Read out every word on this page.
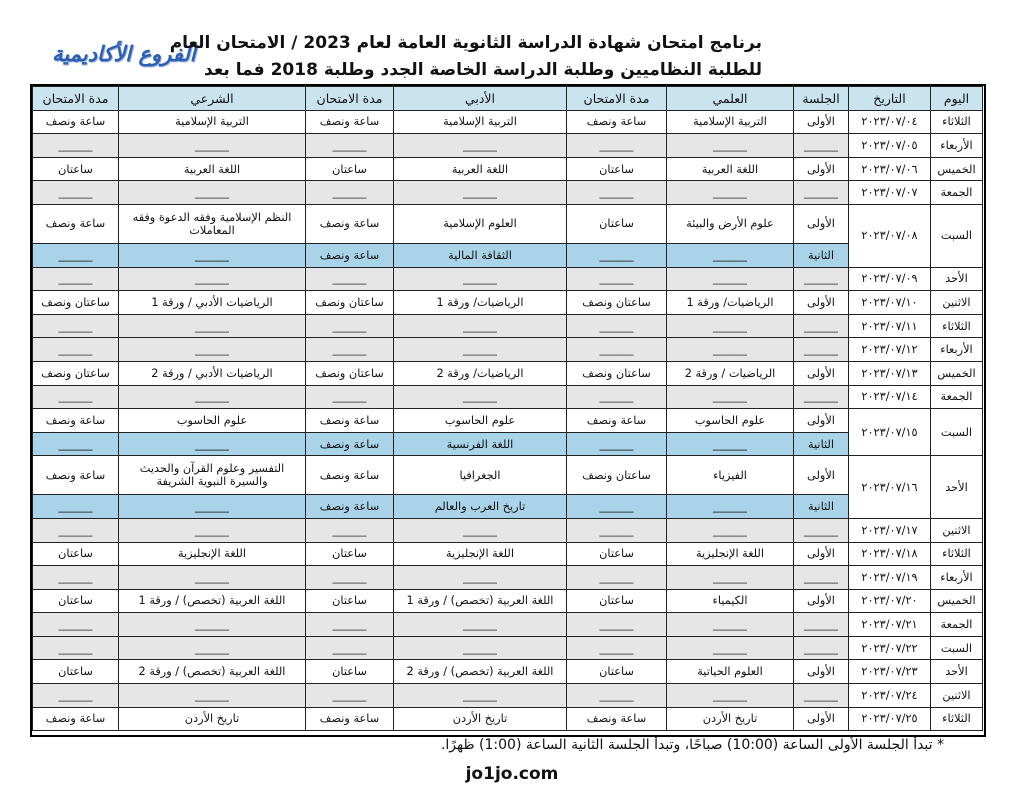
الفروع الأكاديمية
برنامج امتحان شهادة الدراسة الثانوية العامة لعام 2023 / الامتحان العام
للطلبة النظاميين وطلبة الدراسة الخاصة الجدد وطلبة 2018 فما بعد
اليوم	التاريخ	الجلسة	العلمي	مدة الامتحان	الأدبي	مدة الامتحان	الشرعي	مدة الامتحان
الثلاثاء	٢٠٢٣/٠٧/٠٤	الأولى	التربية الإسلامية	ساعة ونصف	التربية الإسلامية	ساعة ونصف	التربية الإسلامية	ساعة ونصف
الأربعاء	٢٠٢٣/٠٧/٠٥	______	______	______	______	______	______	______
الخميس	٢٠٢٣/٠٧/٠٦	الأولى	اللغة العربية	ساعتان	اللغة العربية	ساعتان	اللغة العربية	ساعتان
الجمعة	٢٠٢٣/٠٧/٠٧	______	______	______	______	______	______	______
السبت	٢٠٢٣/٠٧/٠٨	الأولى	علوم الأرض والبيئة	ساعتان	العلوم الإسلامية	ساعة ونصف	النظم الإسلامية وفقه الدعوة وفقه المعاملات	ساعة ونصف
		الثانية	______	______	الثقافة المالية	ساعة ونصف	______	______
الأحد	٢٠٢٣/٠٧/٠٩	______	______	______	______	______	______	______
الاثنين	٢٠٢٣/٠٧/١٠	الأولى	الرياضيات/ ورقة 1	ساعتان ونصف	الرياضيات/ ورقة 1	ساعتان ونصف	الرياضيات الأدبي / ورقة 1	ساعتان ونصف
الثلاثاء	٢٠٢٣/٠٧/١١	______	______	______	______	______	______	______
الأربعاء	٢٠٢٣/٠٧/١٢	______	______	______	______	______	______	______
الخميس	٢٠٢٣/٠٧/١٣	الأولى	الرياضيات / ورقة 2	ساعتان ونصف	الرياضيات/ ورقة 2	ساعتان ونصف	الرياضيات الأدبي / ورقة 2	ساعتان ونصف
الجمعة	٢٠٢٣/٠٧/١٤	______	______	______	______	______	______	______
السبت	٢٠٢٣/٠٧/١٥	الأولى	علوم الحاسوب	ساعة ونصف	علوم الحاسوب	ساعة ونصف	علوم الحاسوب	ساعة ونصف
		الثانية	______	______	اللغة الفرنسية	ساعة ونصف	______	______
الأحد	٢٠٢٣/٠٧/١٦	الأولى	الفيزياء	ساعتان ونصف	الجغرافيا	ساعة ونصف	التفسير وعلوم القرآن والحديث والسيرة النبوية الشريفة	ساعة ونصف
		الثانية	______	______	تاريخ العرب والعالم	ساعة ونصف	______	______
الاثنين	٢٠٢٣/٠٧/١٧	______	______	______	______	______	______	______
الثلاثاء	٢٠٢٣/٠٧/١٨	الأولى	اللغة الإنجليزية	ساعتان	اللغة الإنجليزية	ساعتان	اللغة الإنجليزية	ساعتان
الأربعاء	٢٠٢٣/٠٧/١٩	______	______	______	______	______	______	______
الخميس	٢٠٢٣/٠٧/٢٠	الأولى	الكيمياء	ساعتان	اللغة العربية (تخصص) / ورقة 1	ساعتان	اللغة العربية (تخصص) / ورقة 1	ساعتان
الجمعة	٢٠٢٣/٠٧/٢١	______	______	______	______	______	______	______
السبت	٢٠٢٣/٠٧/٢٢	______	______	______	______	______	______	______
الأحد	٢٠٢٣/٠٧/٢٣	الأولى	العلوم الحياتية	ساعتان	اللغة العربية (تخصص) / ورقة 2	ساعتان	اللغة العربية (تخصص) / ورقة 2	ساعتان
الاثنين	٢٠٢٣/٠٧/٢٤	______	______	______	______	______	______	______
الثلاثاء	٢٠٢٣/٠٧/٢٥	الأولى	تاريخ الأردن	ساعة ونصف	تاريخ الأردن	ساعة ونصف	تاريخ الأردن	ساعة ونصف
* تبدأ الجلسة الأولى الساعة (10:00) صباحًا، وتبدأ الجلسة الثانية الساعة (1:00) ظهرًا.
jo1jo.com
